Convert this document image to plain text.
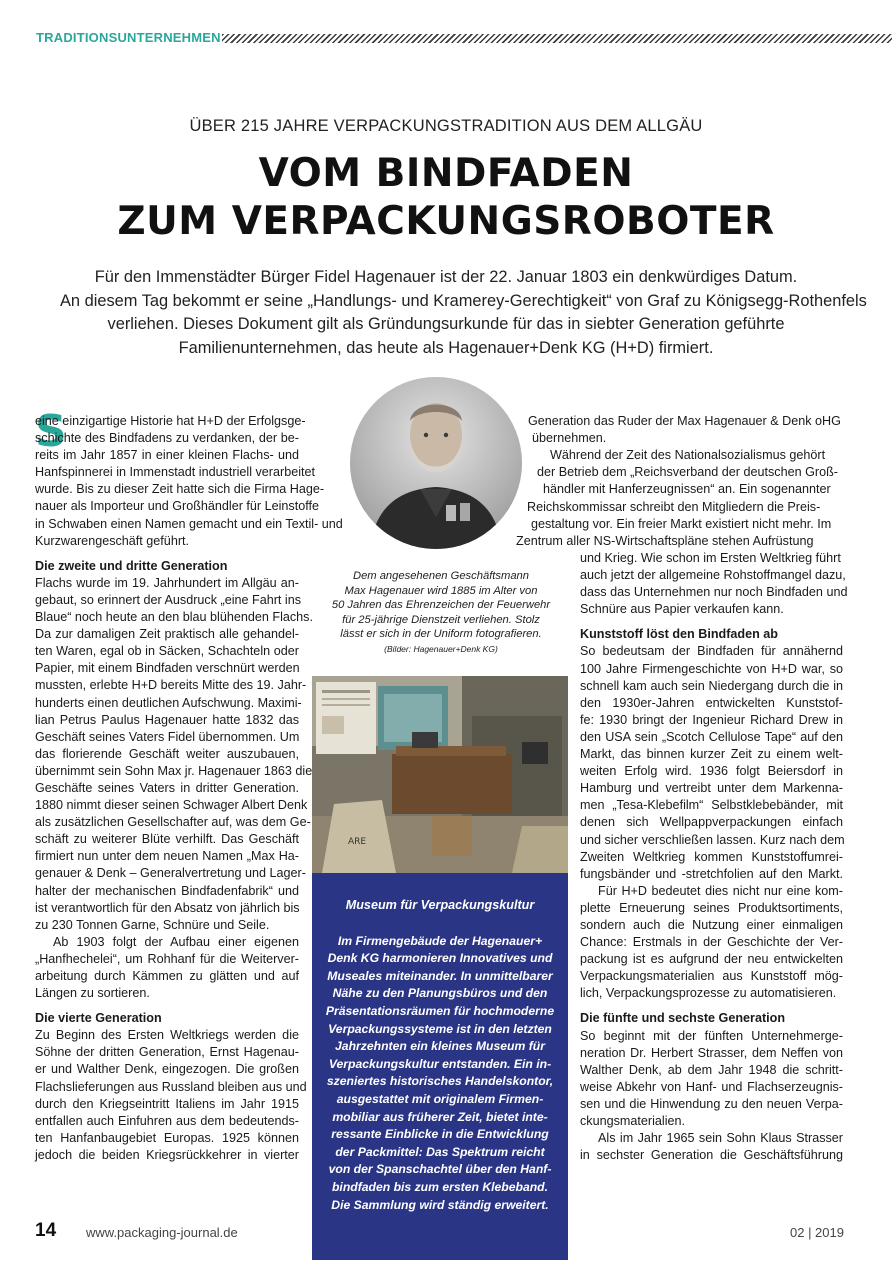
TRADITIONSUNTERNEHMEN
ÜBER 215 JAHRE VERPACKUNGSTRADITION AUS DEM ALLGÄU
VOM BINDFADEN
ZUM VERPACKUNGSROBOTER
Für den Immenstädter Bürger Fidel Hagenauer ist der 22. Januar 1803 ein denkwürdiges Datum.
An diesem Tag bekommt er seine „Handlungs- und Kramerey-Gerechtigkeit“ von Graf zu Königsegg-Rothenfels
verliehen. Dieses Dokument gilt als Gründungsurkunde für das in siebter Generation geführte
Familienunternehmen, das heute als Hagenauer+Denk KG (H+D) firmiert.
S
eine einzigartige Historie hat H+D der Erfolgsge-
schichte des Bindfadens zu verdanken, der be-
reits im Jahr 1857 in einer kleinen Flachs- und
Hanfspinnerei in Immenstadt industriell verarbeitet
wurde. Bis zu dieser Zeit hatte sich die Firma Hage-
nauer als Importeur und Großhändler für Leinstoffe
in Schwaben einen Namen gemacht und ein Textil- und
Kurzwarengeschäft geführt.
Die zweite und dritte Generation
Flachs wurde im 19. Jahrhundert im Allgäu an-
gebaut, so erinnert der Ausdruck „eine Fahrt ins
Blaue“ noch heute an den blau blühenden Flachs.
Da zur damaligen Zeit praktisch alle gehandel-
ten Waren, egal ob in Säcken, Schachteln oder
Papier, mit einem Bindfaden verschnürt werden
mussten, erlebte H+D bereits Mitte des 19. Jahr-
hunderts einen deutlichen Aufschwung. Maximi-
lian Petrus Paulus Hagenauer hatte 1832 das
Geschäft seines Vaters Fidel übernommen. Um
das florierende Geschäft weiter auszubauen,
übernimmt sein Sohn Max jr. Hagenauer 1863 die
Geschäfte seines Vaters in dritter Generation.
1880 nimmt dieser seinen Schwager Albert Denk
als zusätzlichen Gesellschafter auf, was dem Ge-
schäft zu weiterer Blüte verhilft. Das Geschäft
firmiert nun unter dem neuen Namen „Max Ha-
genauer & Denk – Generalvertretung und Lager-
halter der mechanischen Bindfadenfabrik“ und
ist verantwortlich für den Absatz von jährlich bis
zu 230 Tonnen Garne, Schnüre und Seile.
Ab 1903 folgt der Aufbau einer eigenen
„Hanfhechelei“, um Rohhanf für die Weiterver-
arbeitung durch Kämmen zu glätten und auf
Längen zu sortieren.
Die vierte Generation
Zu Beginn des Ersten Weltkriegs werden die
Söhne der dritten Generation, Ernst Hagenau-
er und Walther Denk, eingezogen. Die großen
Flachslieferungen aus Russland bleiben aus und
durch den Kriegseintritt Italiens im Jahr 1915
entfallen auch Einfuhren aus dem bedeutends-
ten Hanfanbaugebiet Europas. 1925 können
jedoch die beiden Kriegsrückkehrer in vierter
Generation das Ruder der Max Hagenauer & Denk oHG
übernehmen.
Während der Zeit des Nationalsozialismus gehört
der Betrieb dem „Reichsverband der deutschen Groß-
händler mit Hanferzeugnissen“ an. Ein sogenannter
Reichskommissar schreibt den Mitgliedern die Preis-
gestaltung vor. Ein freier Markt existiert nicht mehr. Im
Zentrum aller NS-Wirtschaftspläne stehen Aufrüstung
und Krieg. Wie schon im Ersten Weltkrieg führt
auch jetzt der allgemeine Rohstoffmangel dazu,
dass das Unternehmen nur noch Bindfaden und
Schnüre aus Papier verkaufen kann.
Kunststoff löst den Bindfaden ab
So bedeutsam der Bindfaden für annähernd
100 Jahre Firmengeschichte von H+D war, so
schnell kam auch sein Niedergang durch die in
den 1930er-Jahren entwickelten Kunststof-
fe: 1930 bringt der Ingenieur Richard Drew in
den USA sein „Scotch Cellulose Tape“ auf den
Markt, das binnen kurzer Zeit zu einem welt-
weiten Erfolg wird. 1936 folgt Beiersdorf in
Hamburg und vertreibt unter dem Markenna-
men „Tesa-Klebefilm“ Selbstklebebänder, mit
denen sich Wellpappverpackungen einfach
und sicher verschließen lassen. Kurz nach dem
Zweiten Weltkrieg kommen Kunststoffumrei-
fungsbänder und -stretchfolien auf den Markt.
Für H+D bedeutet dies nicht nur eine kom-
plette Erneuerung seines Produktsortiments,
sondern auch die Nutzung einer einmaligen
Chance: Erstmals in der Geschichte der Ver-
packung ist es aufgrund der neu entwickelten
Verpackungsmaterialien aus Kunststoff mög-
lich, Verpackungsprozesse zu automatisieren.
Die fünfte und sechste Generation
So beginnt mit der fünften Unternehmerge-
neration Dr. Herbert Strasser, dem Neffen von
Walther Denk, ab dem Jahr 1948 die schritt-
weise Abkehr von Hanf- und Flachserzeugnis-
sen und die Hinwendung zu den neuen Verpa-
ckungsmaterialien.
Als im Jahr 1965 sein Sohn Klaus Strasser
in sechster Generation die Geschäftsführung
Dem angesehenen Geschäftsmann
Max Hagenauer wird 1885 im Alter von
50 Jahren das Ehrenzeichen der Feuerwehr
für 25-jährige Dienstzeit verliehen. Stolz
lässt er sich in der Uniform fotografieren.
(Bilder: Hagenauer+Denk KG)
ARE
Museum für Verpackungskultur
Im Firmengebäude der Hagenauer+
Denk KG harmonieren Innovatives und
Museales miteinander. In unmittelbarer
Nähe zu den Planungsbüros und den
Präsentationsräumen für hochmoderne
Verpackungssysteme ist in den letzten
Jahrzehnten ein kleines Museum für
Verpackungskultur entstanden. Ein in-
szeniertes historisches Handelskontor,
ausgestattet mit originalem Firmen-
mobiliar aus früherer Zeit, bietet inte-
ressante Einblicke in die Entwicklung
der Packmittel: Das Spektrum reicht
von der Spanschachtel über den Hanf-
bindfaden bis zum ersten Klebeband.
Die Sammlung wird ständig erweitert.
14 www.packaging-journal.de	02 | 2019
